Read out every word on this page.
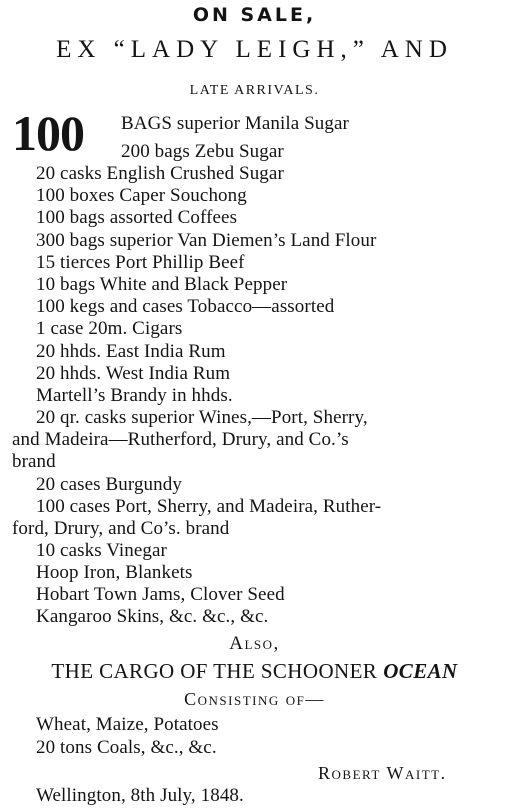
ON SALE,
EX “LADY LEIGH,” AND
LATE ARRIVALS.
100 BAGS superior Manila Sugar
200 bags Zebu Sugar
20 casks English Crushed Sugar
100 boxes Caper Souchong
100 bags assorted Coffees
300 bags superior Van Diemen’s Land Flour
15 tierces Port Phillip Beef
10 bags White and Black Pepper
100 kegs and cases Tobacco—assorted
1 case 20m. Cigars
20 hhds. East India Rum
20 hhds. West India Rum
Martell’s Brandy in hhds.
20 qr. casks superior Wines,—Port, Sherry,
and Madeira—Rutherford, Drury, and Co.’s
brand
20 cases Burgundy
100 cases Port, Sherry, and Madeira, Ruther-
ford, Drury, and Co’s. brand
10 casks Vinegar
Hoop Iron, Blankets
Hobart Town Jams, Clover Seed
Kangaroo Skins, &c. &c., &c.
Also,
THE CARGO OF THE SCHOONER OCEAN
Consisting of—
Wheat, Maize, Potatoes
20 tons Coals, &c., &c.
Robert Waitt.
Wellington, 8th July, 1848.
